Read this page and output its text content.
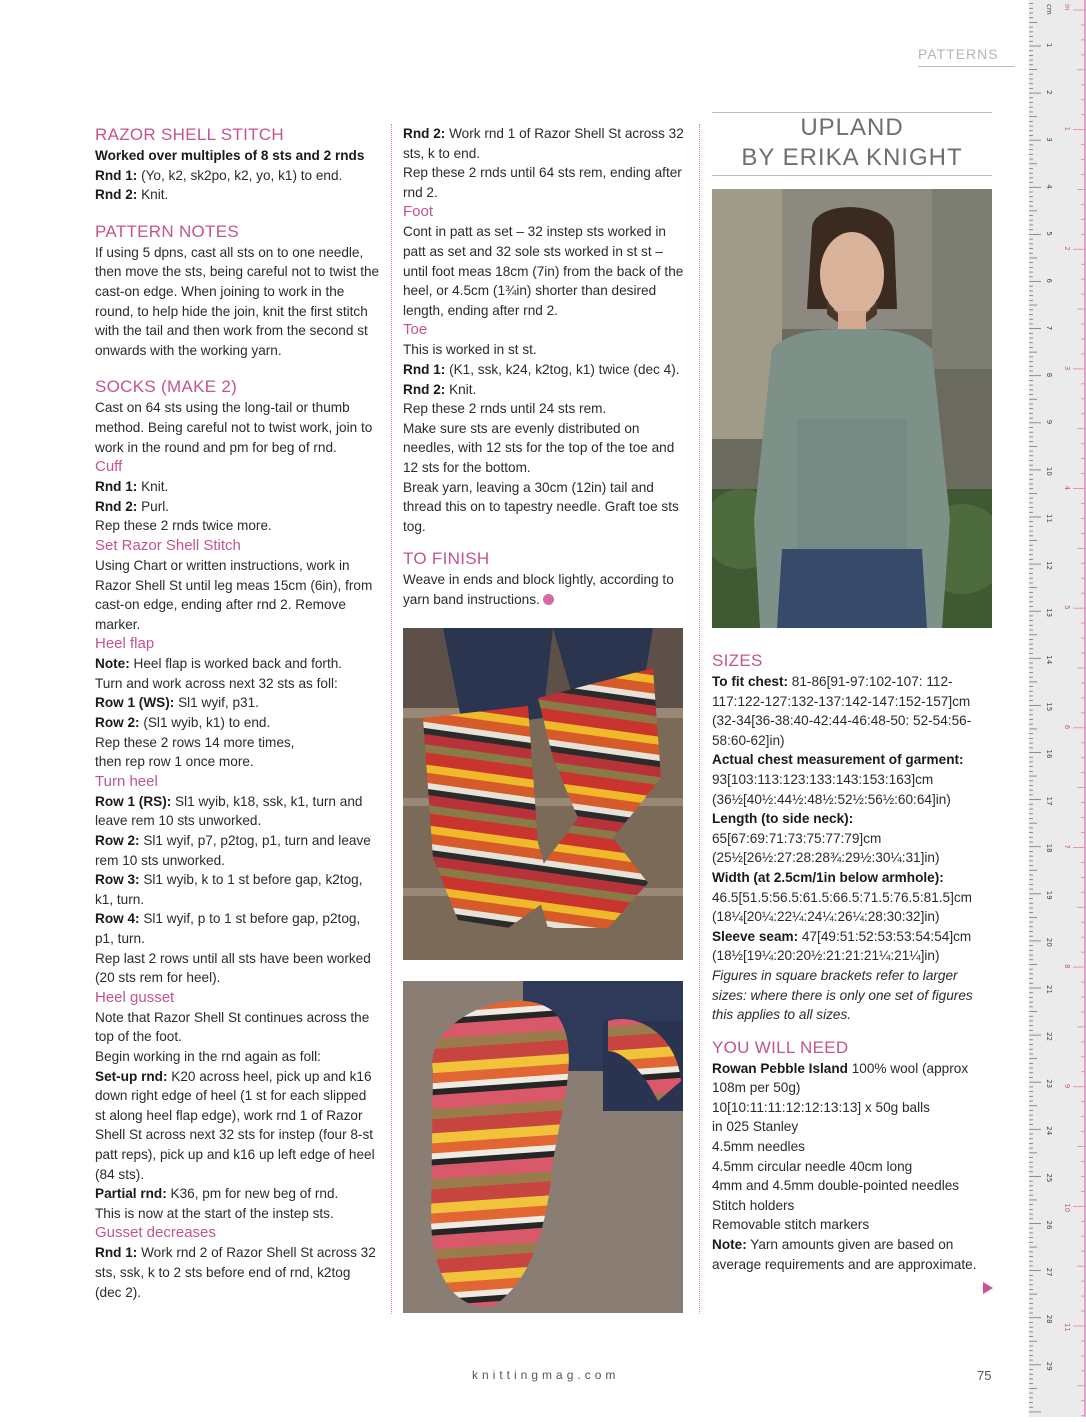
PATTERNS
RAZOR SHELL STITCH

Worked over multiples of 8 sts and 2 rnds

Rnd 1: (Yo, k2, sk2po, k2, yo, k1) to end.

Rnd 2: Knit.

PATTERN NOTES

If using 5 dpns, cast all sts on to one needle, then move the sts, being careful not to twist the cast-on edge. When joining to work in the round, to help hide the join, knit the first stitch with the tail and then work from the second st onwards with the working yarn.

SOCKS (MAKE 2)

Cast on 64 sts using the long-tail or thumb method. Being careful not to twist work, join to work in the round and pm for beg of rnd.

Cuff

Rnd 1: Knit.

Rnd 2: Purl.

Rep these 2 rnds twice more.

Set Razor Shell Stitch

Using Chart or written instructions, work in Razor Shell St until leg meas 15cm (6in), from cast-on edge, ending after rnd 2. Remove marker.

Heel flap

Note: Heel flap is worked back and forth.

Turn and work across next 32 sts as foll:

Row 1 (WS): Sl1 wyif, p31.

Row 2: (Sl1 wyib, k1) to end.

Rep these 2 rows 14 more times,

then rep row 1 once more.

Turn heel

Row 1 (RS): Sl1 wyib, k18, ssk, k1, turn and leave rem 10 sts unworked.

Row 2: Sl1 wyif, p7, p2tog, p1, turn and leave rem 10 sts unworked.

Row 3: Sl1 wyib, k to 1 st before gap, k2tog, k1, turn.

Row 4: Sl1 wyif, p to 1 st before gap, p2tog, p1, turn.

Rep last 2 rows until all sts have been worked (20 sts rem for heel).

Heel gusset

Note that Razor Shell St continues across the top of the foot.

Begin working in the rnd again as foll:

Set-up rnd: K20 across heel, pick up and k16 down right edge of heel (1 st for each slipped st along heel flap edge), work rnd 1 of Razor Shell St across next 32 sts for instep (four 8-st patt reps), pick up and k16 up left edge of heel (84 sts).

Partial rnd: K36, pm for new beg of rnd.

This is now at the start of the instep sts.

Gusset decreases

Rnd 1: Work rnd 2 of Razor Shell St across 32 sts, ssk, k to 2 sts before end of rnd, k2tog (dec 2).

Rnd 2: Work rnd 1 of Razor Shell St across 32 sts, k to end.

Rep these 2 rnds until 64 sts rem, ending after rnd 2.

Foot

Cont in patt as set – 32 instep sts worked in patt as set and 32 sole sts worked in st st – until foot meas 18cm (7in) from the back of the heel, or 4.5cm (1¾in) shorter than desired length, ending after rnd 2.

Toe

This is worked in st st.

Rnd 1: (K1, ssk, k24, k2tog, k1) twice (dec 4).

Rnd 2: Knit.

Rep these 2 rnds until 24 sts rem.

Make sure sts are evenly distributed on needles, with 12 sts for the top of the toe and 12 sts for the bottom.

Break yarn, leaving a 30cm (12in) tail and thread this on to tapestry needle. Graft toe sts tog.

TO FINISH

Weave in ends and block lightly, according to yarn band instructions.

UPLAND
BY ERIKA KNIGHT
SIZES

To fit chest: 81-86[91-97:102-107: 112-117:122-127:132-137:142-147:152-157]cm (32-34[36-38:40-42:44-46:48-50: 52-54:56-58:60-62]in)

Actual chest measurement of garment: 93[103:113:123:133:143:153:163]cm (36½[40½:44½:48½:52½:56½:60:64]in)

Length (to side neck): 65[67:69:71:73:75:77:79]cm (25½[26½:27:28:28¾:29½:30¼:31]in)

Width (at 2.5cm/1in below armhole): 46.5[51.5:56.5:61.5:66.5:71.5:76.5:81.5]cm (18¼[20¼:22¼:24¼:26¼:28:30:32]in)

Sleeve seam: 47[49:51:52:53:53:54:54]cm (18½[19¼:20:20½:21:21:21¼:21¼]in)

Figures in square brackets refer to larger sizes: where there is only one set of figures this applies to all sizes.

YOU WILL NEED

Rowan Pebble Island 100% wool (approx 108m per 50g)

10[10:11:11:12:12:13:13] x 50g balls

in 025 Stanley

4.5mm needles

4.5mm circular needle 40cm long

4mm and 4.5mm double-pointed needles

Stitch holders

Removable stitch markers

Note: Yarn amounts given are based on average requirements and are approximate.

knittingmag.com	75
cm in
1
2
3
4
5
6
7
8
9
10
11
12
13
14
15
16
17
18
19
20
21
22
23
24
25
26
27
28
29
1
2
3
4
5
6
7
8
9
10
11
